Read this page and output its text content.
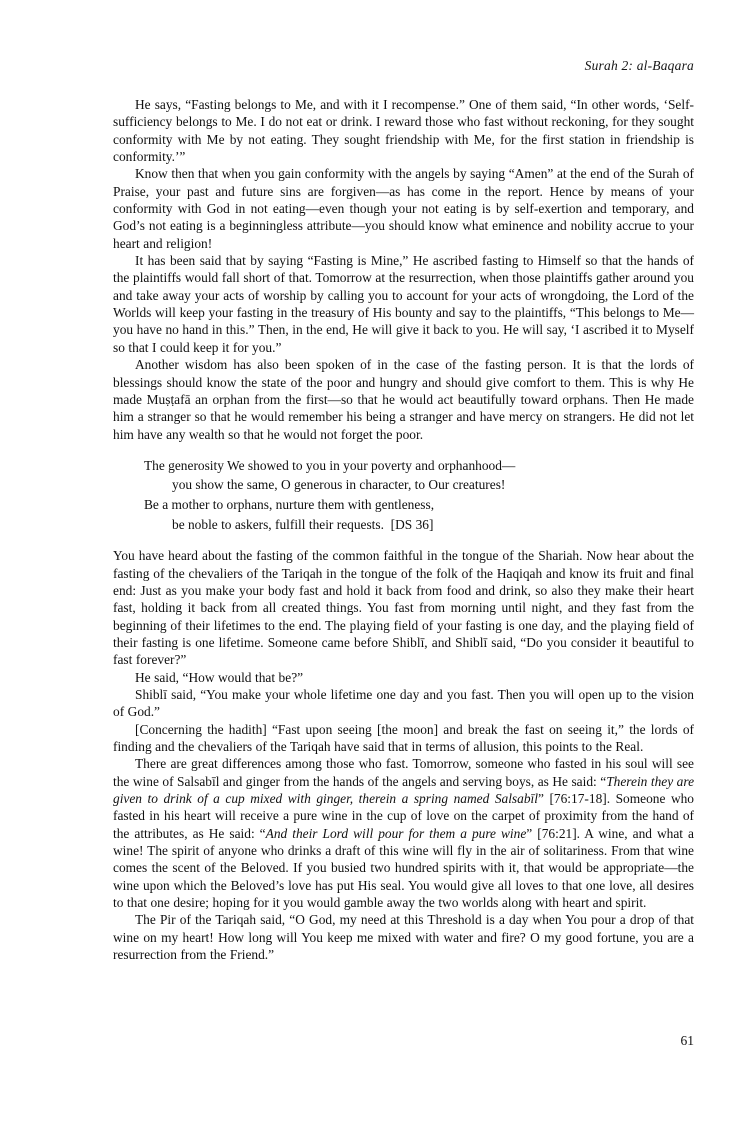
Surah 2: al-Baqara

He says, “Fasting belongs to Me, and with it I recompense.” One of them said, “In other words, ‘Self-sufficiency belongs to Me. I do not eat or drink. I reward those who fast without reckoning, for they sought conformity with Me by not eating. They sought friendship with Me, for the first station in friendship is conformity.’”

Know then that when you gain conformity with the angels by saying “Amen” at the end of the Surah of Praise, your past and future sins are forgiven—as has come in the report. Hence by means of your conformity with God in not eating—even though your not eating is by self-exertion and temporary, and God’s not eating is a beginningless attribute—you should know what eminence and nobility accrue to your heart and religion!

It has been said that by saying “Fasting is Mine,” He ascribed fasting to Himself so that the hands of the plaintiffs would fall short of that. Tomorrow at the resurrection, when those plaintiffs gather around you and take away your acts of worship by calling you to account for your acts of wrongdoing, the Lord of the Worlds will keep your fasting in the treasury of His bounty and say to the plaintiffs, “This belongs to Me—you have no hand in this.” Then, in the end, He will give it back to you. He will say, ‘I ascribed it to Myself so that I could keep it for you.”

Another wisdom has also been spoken of in the case of the fasting person. It is that the lords of blessings should know the state of the poor and hungry and should give comfort to them. This is why He made Muṣṭafā an orphan from the first—so that he would act beautifully toward orphans. Then He made him a stranger so that he would remember his being a stranger and have mercy on strangers. He did not let him have any wealth so that he would not forget the poor.

The generosity We showed to you in your poverty and orphanhood—
you show the same, O generous in character, to Our creatures!
Be a mother to orphans, nurture them with gentleness,
be noble to askers, fulfill their requests. [DS 36]

You have heard about the fasting of the common faithful in the tongue of the Shariah. Now hear about the fasting of the chevaliers of the Tariqah in the tongue of the folk of the Haqiqah and know its fruit and final end: Just as you make your body fast and hold it back from food and drink, so also they make their heart fast, holding it back from all created things. You fast from morning until night, and they fast from the beginning of their lifetimes to the end. The playing field of your fasting is one day, and the playing field of their fasting is one lifetime. Someone came before Shiblī, and Shiblī said, “Do you consider it beautiful to fast forever?”

He said, “How would that be?”

Shiblī said, “You make your whole lifetime one day and you fast. Then you will open up to the vision of God.”

[Concerning the hadith] “Fast upon seeing [the moon] and break the fast on seeing it,” the lords of finding and the chevaliers of the Tariqah have said that in terms of allusion, this points to the Real.

There are great differences among those who fast. Tomorrow, someone who fasted in his soul will see the wine of Salsabīl and ginger from the hands of the angels and serving boys, as He said: “Therein they are given to drink of a cup mixed with ginger, therein a spring named Salsabīl” [76:17-18]. Someone who fasted in his heart will receive a pure wine in the cup of love on the carpet of proximity from the hand of the attributes, as He said: “And their Lord will pour for them a pure wine” [76:21]. A wine, and what a wine! The spirit of anyone who drinks a draft of this wine will fly in the air of solitariness. From that wine comes the scent of the Beloved. If you busied two hundred spirits with it, that would be appropriate—the wine upon which the Beloved’s love has put His seal. You would give all loves to that one love, all desires to that one desire; hoping for it you would gamble away the two worlds along with heart and spirit.

The Pir of the Tariqah said, “O God, my need at this Threshold is a day when You pour a drop of that wine on my heart! How long will You keep me mixed with water and fire? O my good fortune, you are a resurrection from the Friend.”

61
